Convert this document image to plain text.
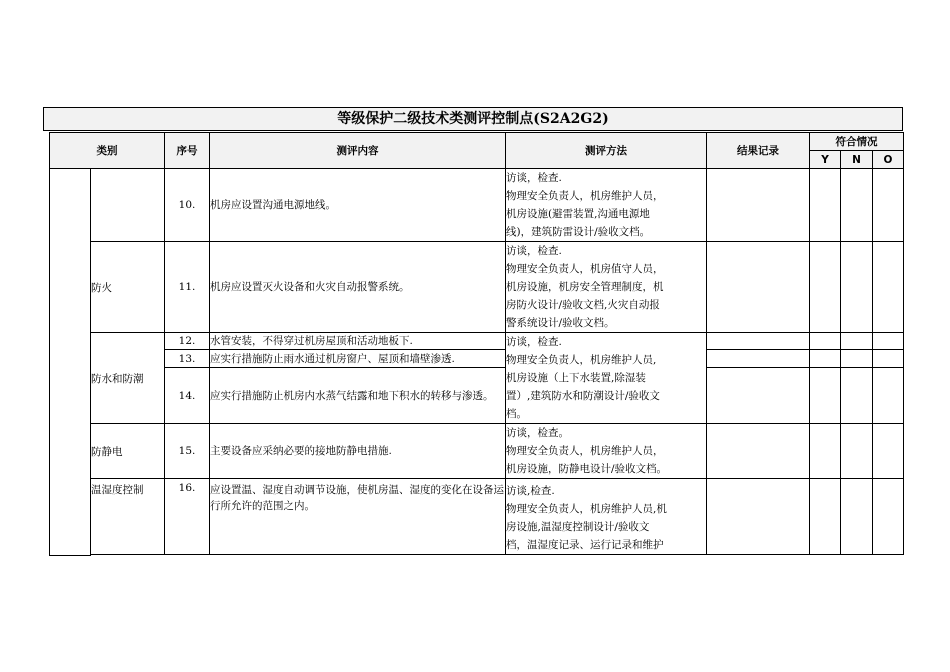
等级保护二级技术类测评控制点(S2A2G2)
类别		序号	测评内容	测评方法	结果记录	符合情况		
						Y	N	O
		10.	机房应设置沟通电源地线。	访谈，检查.
物理安全负责人，机房维护人员，
机房设施(避雷装置,沟通电源地
线)，建筑防雷设计/验收文档。				

	防火	11.	机房应设置灭火设备和火灾自动报警系统。	访谈，检查.
物理安全负责人，机房值守人员，
机房设施，机房安全管理制度，机
房防火设计/验收文档,火灾自动报
警系统设计/验收文档。				

	防水和防潮	12.	水管安装，不得穿过机房屋顶和活动地板下.	访谈，检查.
物理安全负责人，机房维护人员,
机房设施（上下水装置,除湿装
置）,建筑防水和防潮设计/验收文
档。				

		13.	应实行措施防止雨水通过机房窗户、屋顶和墙壁渗透.					
		14.	应实行措施防止机房内水蒸气结露和地下积水的转移与渗透。					
	防静电	15.	主要设备应采纳必要的接地防静电措施.	访谈，检查。
物理安全负责人，机房维护人员，
机房设施，防静电设计/验收文档。				

	温湿度控制	16.	应设置温、湿度自动调节设施，使机房温、湿度的变化在设备运行所允许的范围之内。	访谈,检查.
物理安全负责人，机房维护人员,机
房设施,温湿度控制设计/验收文
档，温湿度记录、运行记录和维护				
